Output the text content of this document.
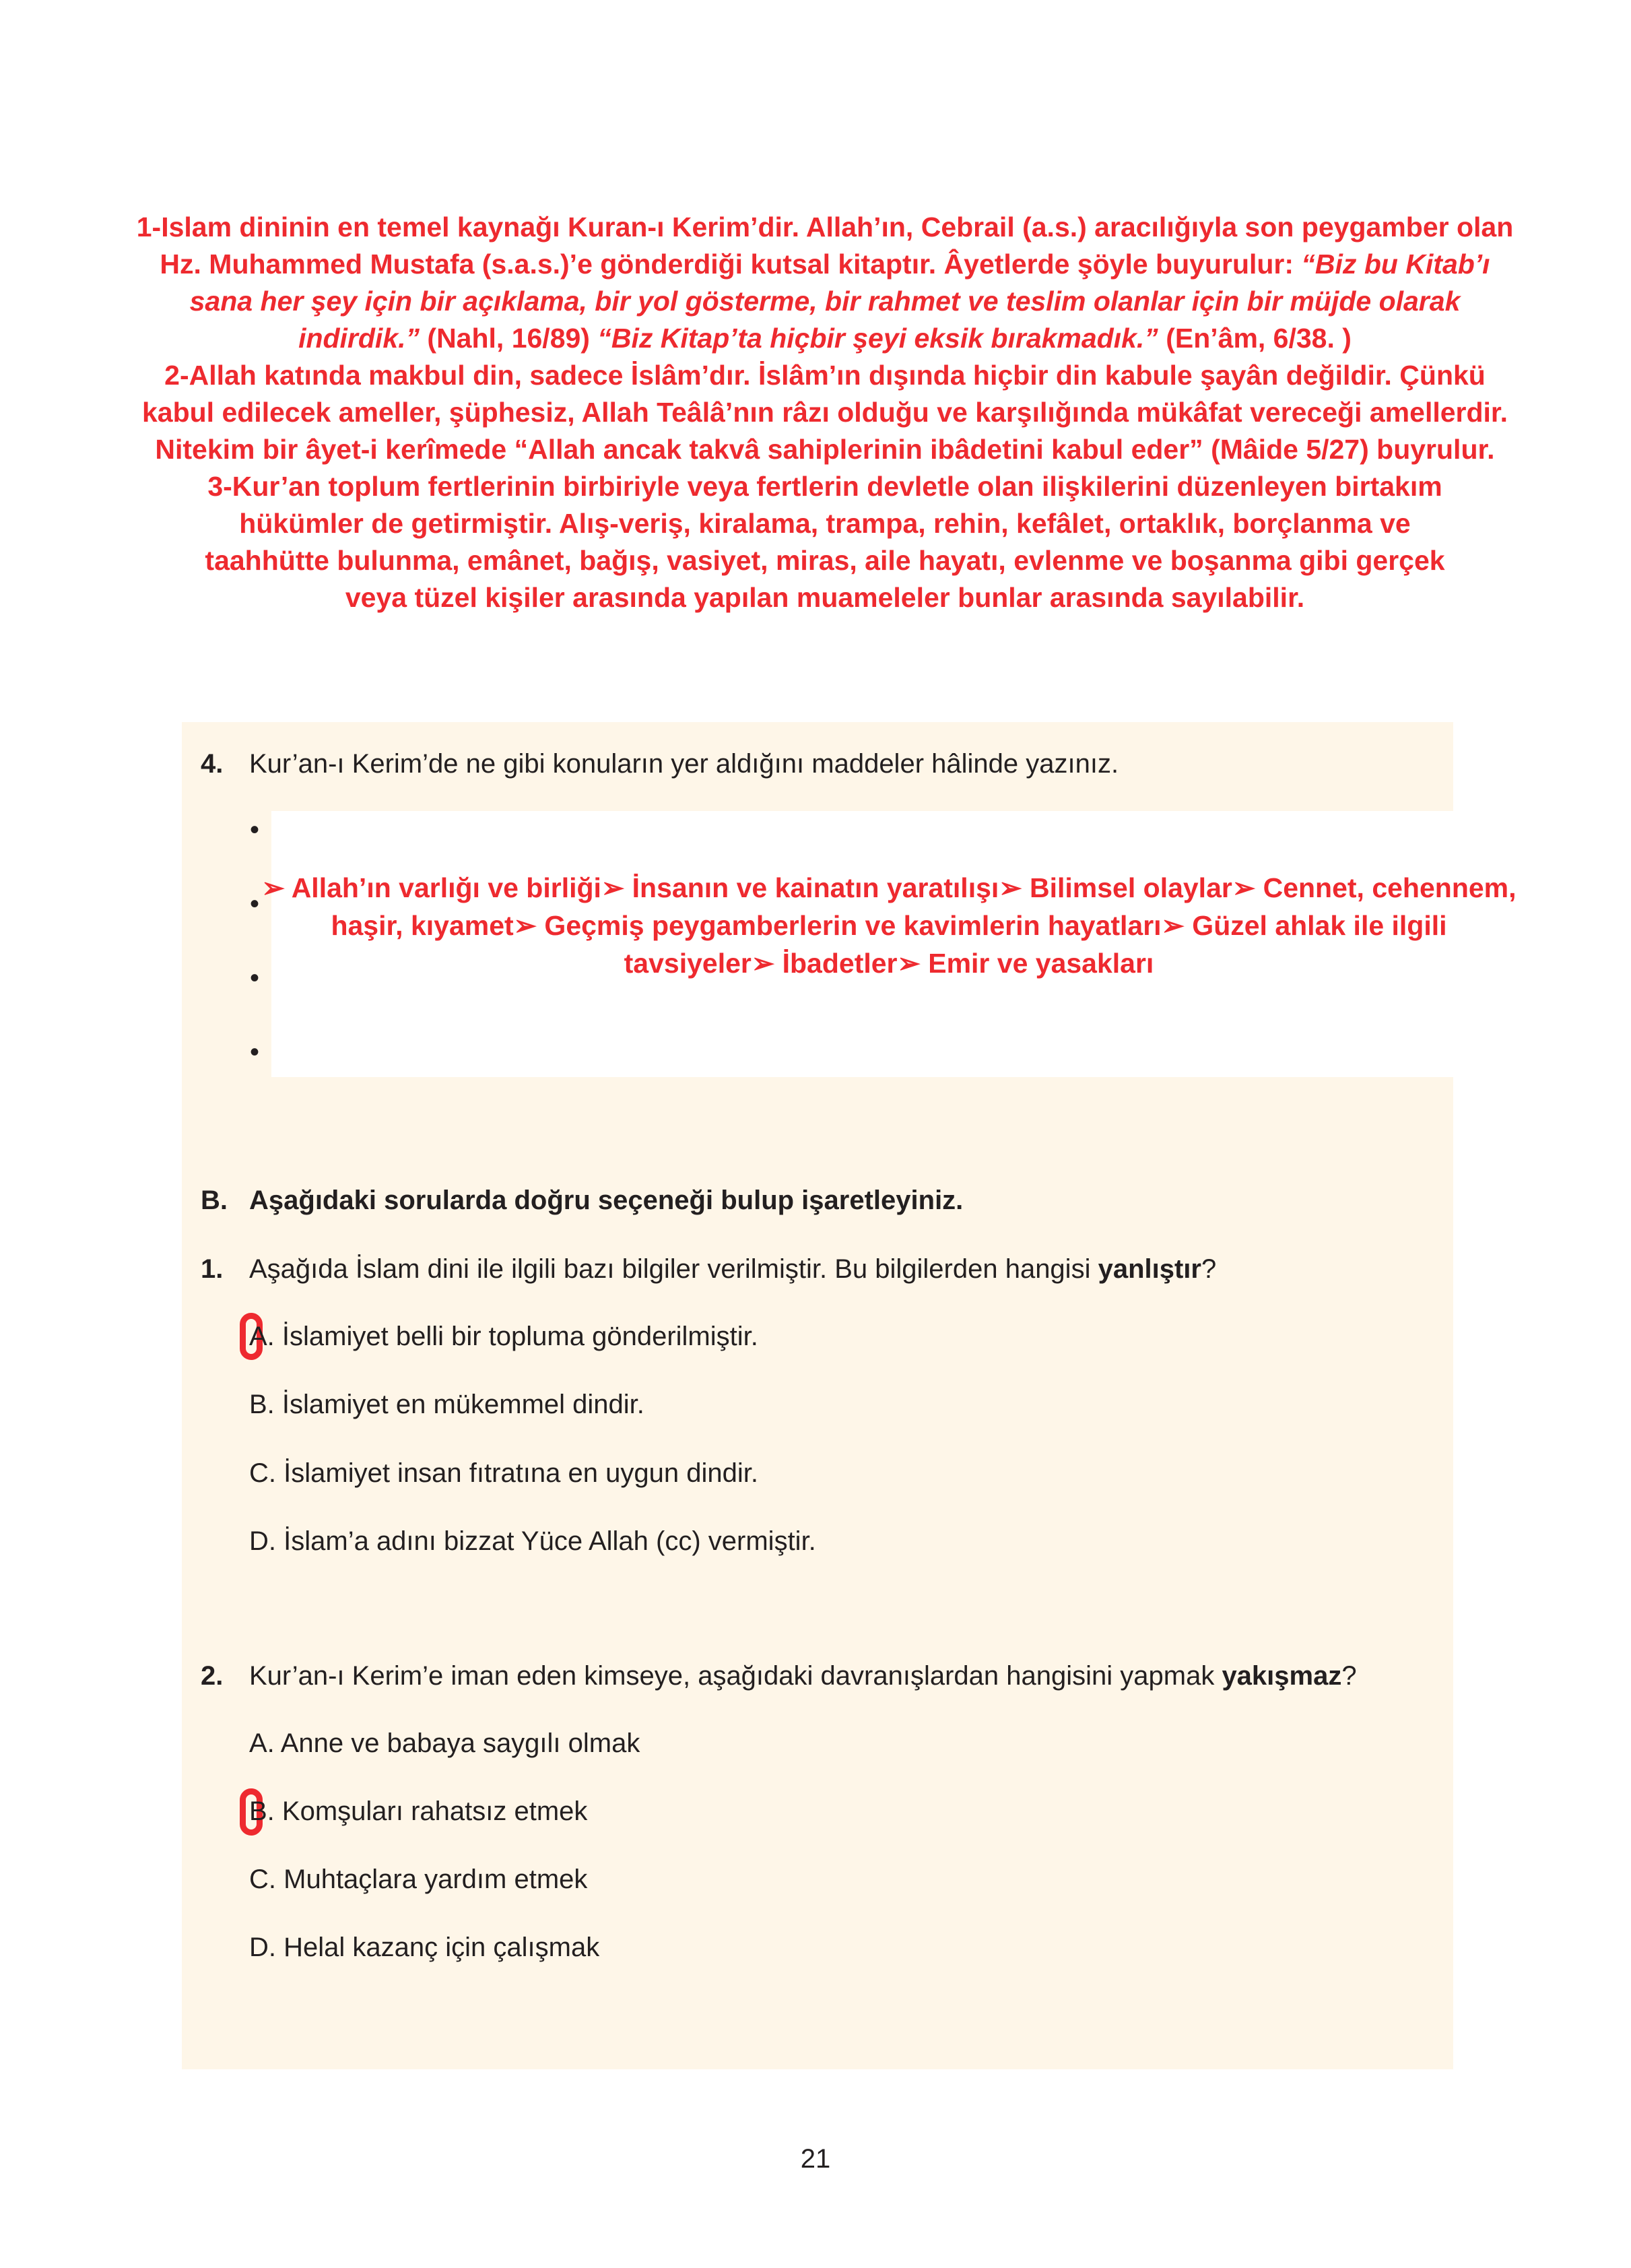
1-Islam dininin en temel kaynağı Kuran-ı Kerim’dir. Allah’ın, Cebrail (a.s.) aracılığıyla son peygamber olan Hz. Muhammed Mustafa (s.a.s.)’e gönderdiği kutsal kitaptır. Âyetlerde şöyle buyurulur: “Biz bu Kitab’ı sana her şey için bir açıklama, bir yol gösterme, bir rahmet ve teslim olanlar için bir müjde olarak indirdik.” (Nahl, 16/89) “Biz Kitap’ta hiçbir şeyi eksik bırakmadık.” (En’âm, 6/38. )

2-Allah katında makbul din, sadece İslâm’dır. İslâm’ın dışında hiçbir din kabule şayân değildir. Çünkü kabul edilecek ameller, şüphesiz, Allah Teâlâ’nın râzı olduğu ve karşılığında mükâfat vereceği amellerdir. Nitekim bir âyet-i kerîmede “Allah ancak takvâ sahiplerinin ibâdetini kabul eder” (Mâide 5/27) buyrulur.

3-Kur’an toplum fertlerinin birbiriyle veya fertlerin devletle olan ilişkilerini düzenleyen birtakım hükümler de getirmiştir. Alış-veriş, kiralama, trampa, rehin, kefâlet, ortaklık, borçlanma ve taahhütte bulunma, emânet, bağış, vasiyet, miras, aile hayatı, evlenme ve boşanma gibi gerçek veya tüzel kişiler arasında yapılan muameleler bunlar arasında sayılabilir.

4. Kur’an-ı Kerim’de ne gibi konuların yer aldığını maddeler hâlinde yazınız.
•
•
•
•
➢ Allah’ın varlığı ve birliği➢ İnsanın ve kainatın yaratılışı➢ Bilimsel olaylar➢ Cennet, cehennem, haşir, kıyamet➢ Geçmiş peygamberlerin ve kavimlerin hayatları➢ Güzel ahlak ile ilgili tavsiyeler➢ İbadetler➢ Emir ve yasakları
B. Aşağıdaki sorularda doğru seçeneği bulup işaretleyiniz.
1. Aşağıda İslam dini ile ilgili bazı bilgiler verilmiştir. Bu bilgilerden hangisi yanlıştır?
A. İslamiyet belli bir topluma gönderilmiştir.
B. İslamiyet en mükemmel dindir.
C. İslamiyet insan fıtratına en uygun dindir.
D. İslam’a adını bizzat Yüce Allah (cc) vermiştir.
2. Kur’an-ı Kerim’e iman eden kimseye, aşağıdaki davranışlardan hangisini yapmak yakışmaz?
A. Anne ve babaya saygılı olmak
B. Komşuları rahatsız etmek
C. Muhtaçlara yardım etmek
D. Helal kazanç için çalışmak
21
